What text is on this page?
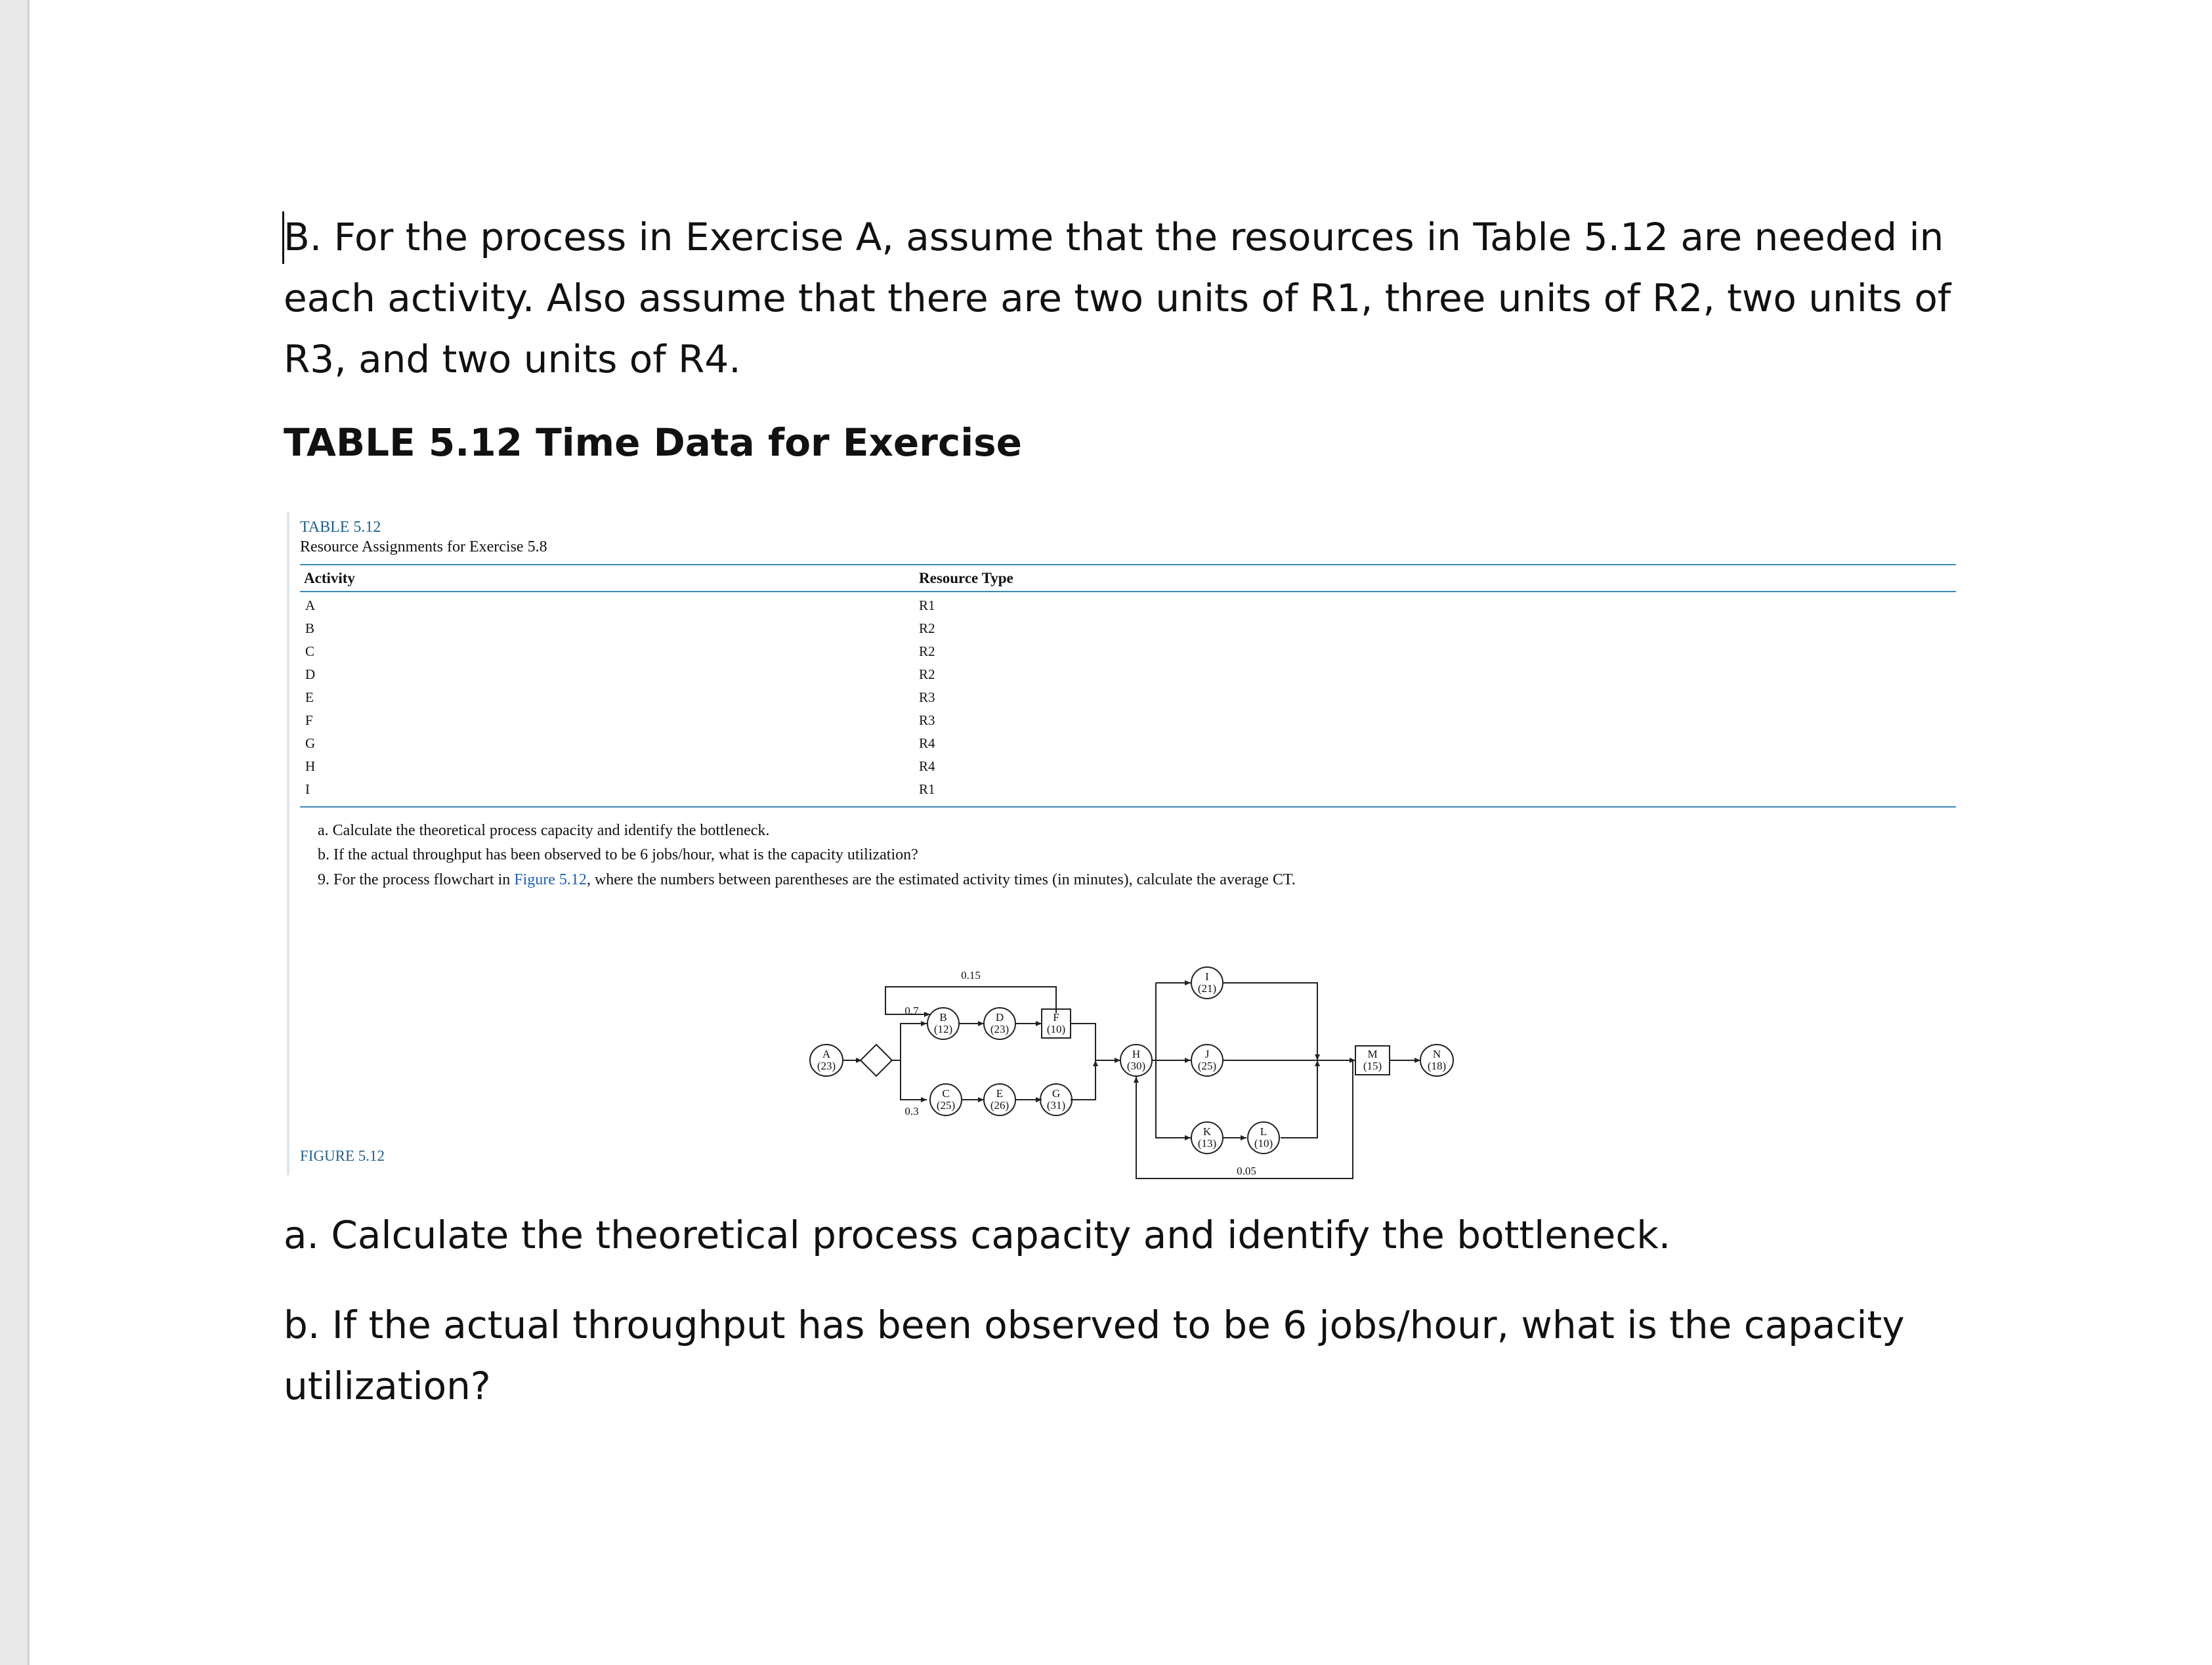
B. For the process in Exercise A, assume that the resources in Table 5.12 are needed in each activity. Also assume that there are two units of R1, three units of R2, two units of R3, and two units of R4.

TABLE 5.12 Time Data for Exercise
TABLE 5.12
Resource Assignments for Exercise 5.8
Activity	Resource Type
A	R1
B	R2
C	R2
D	R2
E	R3
F	R3
G	R4
H	R4
I	R1
a. Calculate the theoretical process capacity and identify the bottleneck.
b. If the actual throughput has been observed to be 6 jobs/hour, what is the capacity utilization?
9. For the process flowchart in Figure 5.12, where the numbers between parentheses are the estimated activity times (in minutes), calculate the average CT.
A
(23)
B
(12)
D
(23)
F
(10)
C
(25)
E
(26)
G
(31)
H
(30)
I
(21)
J
(25)
K
(13)
L
(10)
M
(15)
N
(18)
0.7
0.3
0.15
0.05
FIGURE 5.12

a. Calculate the theoretical process capacity and identify the bottleneck.

b. If the actual throughput has been observed to be 6 jobs/hour, what is the capacity utilization?
